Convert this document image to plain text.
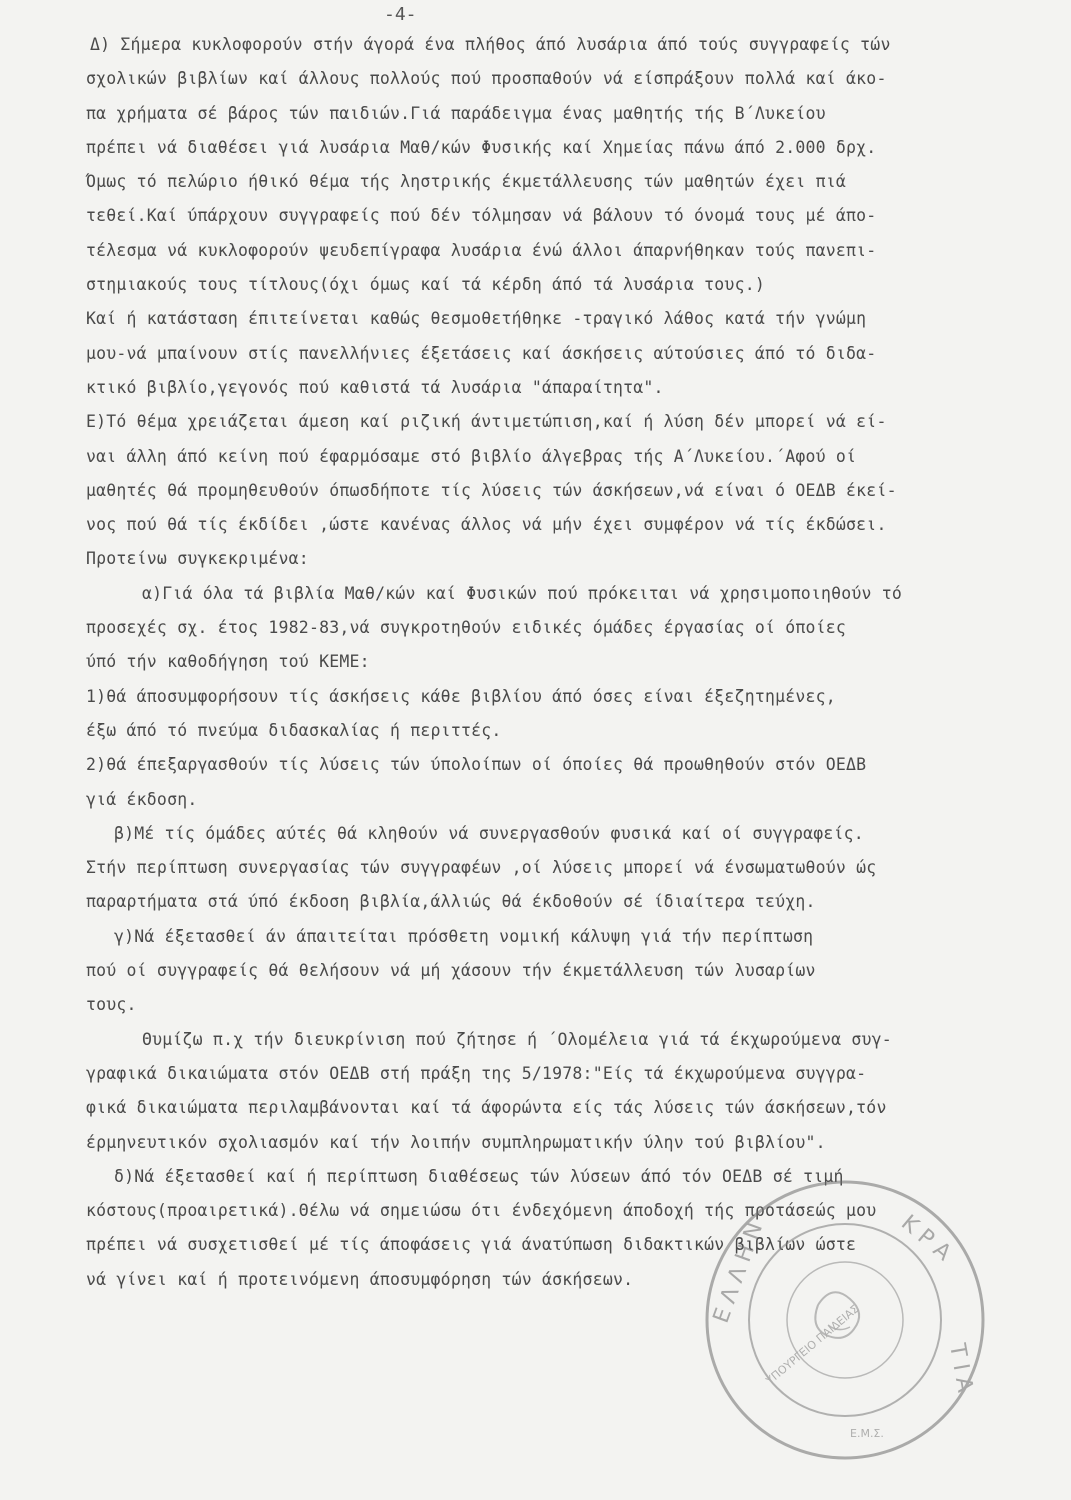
-4-
Δ) Σήμερα κυκλοφορούν στήν άγορά ένα πλήθος άπό λυσάρια άπό τούς συγγραφείς τών
σχολικών βιβλίων καί άλλους πολλούς πού προσπαθούν νά είσπράξουν πολλά καί άκο-
πα χρήματα σέ βάρος τών παιδιών.Γιά παράδειγμα ένας μαθητής τής Β΄Λυκείου
πρέπει νά διαθέσει γιά λυσάρια Μαθ/κών Φυσικής καί Χημείας πάνω άπό 2.000 δρχ.
Όμως τό πελώριο ήθικό θέμα τής ληστρικής έκμετάλλευσης τών μαθητών έχει πιά
τεθεί.Καί ύπάρχουν συγγραφείς πού δέν τόλμησαν νά βάλουν τό όνομά τους μέ άπο-
τέλεσμα νά κυκλοφορούν ψευδεπίγραφα λυσάρια ένώ άλλοι άπαρνήθηκαν τούς πανεπι-
στημιακούς τους τίτλους(όχι όμως καί τά κέρδη άπό τά λυσάρια τους.)
Καί ή κατάσταση έπιτείνεται καθώς θεσμοθετήθηκε -τραγικό λάθος κατά τήν γνώμη
μου-νά μπαίνουν στίς πανελλήνιες έξετάσεις καί άσκήσεις αύτούσιες άπό τό διδα-
κτικό βιβλίο,γεγονός πού καθιστά τά λυσάρια "άπαραίτητα".
Ε)Τό θέμα χρειάζεται άμεση καί ριζική άντιμετώπιση,καί ή λύση δέν μπορεί νά εί-
ναι άλλη άπό κείνη πού έφαρμόσαμε στό βιβλίο άλγεβρας τής Α΄Λυκείου.΄Αφού οί
μαθητές θά προμηθευθούν όπωσδήποτε τίς λύσεις τών άσκήσεων,νά είναι ό ΟΕΔΒ έκεί-
νος πού θά τίς έκδίδει ,ώστε κανένας άλλος νά μήν έχει συμφέρον νά τίς έκδώσει.
Προτείνω συγκεκριμένα:
α)Γιά όλα τά βιβλία Μαθ/κών καί Φυσικών πού πρόκειται νά χρησιμοποιηθούν τό
προσεχές σχ. έτος 1982-83,νά συγκροτηθούν ειδικές όμάδες έργασίας οί όποίες
ύπό τήν καθοδήγηση τού ΚΕΜΕ:
1)θά άποσυμφορήσουν τίς άσκήσεις κάθε βιβλίου άπό όσες είναι έξεζητημένες,
έξω άπό τό πνεύμα διδασκαλίας ή περιττές.
2)θά έπεξαργασθούν τίς λύσεις τών ύπολοίπων οί όποίες θά προωθηθούν στόν ΟΕΔΒ
γιά έκδοση.
β)Μέ τίς όμάδες αύτές θά κληθούν νά συνεργασθούν φυσικά καί οί συγγραφείς.
Στήν περίπτωση συνεργασίας τών συγγραφέων ,οί λύσεις μπορεί νά ένσωματωθούν ώς
παραρτήματα στά ύπό έκδοση βιβλία,άλλιώς θά έκδοθούν σέ ίδιαίτερα τεύχη.
γ)Νά έξετασθεί άν άπαιτείται πρόσθετη νομική κάλυψη γιά τήν περίπτωση
πού οί συγγραφείς θά θελήσουν νά μή χάσουν τήν έκμετάλλευση τών λυσαρίων
τους.
Θυμίζω π.χ τήν διευκρίνιση πού ζήτησε ή ΄Ολομέλεια γιά τά έκχωρούμενα συγ-
γραφικά δικαιώματα στόν ΟΕΔΒ στή πράξη της 5/1978:"Είς τά έκχωρούμενα συγγρα-
φικά δικαιώματα περιλαμβάνονται καί τά άφορώντα είς τάς λύσεις τών άσκήσεων,τόν
έρμηνευτικόν σχολιασμόν καί τήν λοιπήν συμπληρωματικήν ύλην τού βιβλίου".
δ)Νά έξετασθεί καί ή περίπτωση διαθέσεως τών λύσεων άπό τόν ΟΕΔΒ σέ τιμή
κόστους(προαιρετικά).Θέλω νά σημειώσω ότι ένδεχόμενη άποδοχή τής προτάσεώς μου
πρέπει νά συσχετισθεί μέ τίς άποφάσεις γιά άνατύπωση διδακτικών βιβλίων ώστε
νά γίνει καί ή προτεινόμενη άποσυμφόρηση τών άσκήσεων.	Ε Λ Λ Η Ν	Κ Ρ Α
Τ Ι Α
ΥΠΟΥΡΓΕΙΟ ΠΑΙΔΕΙΑΣ
Ε.Μ.Σ.
